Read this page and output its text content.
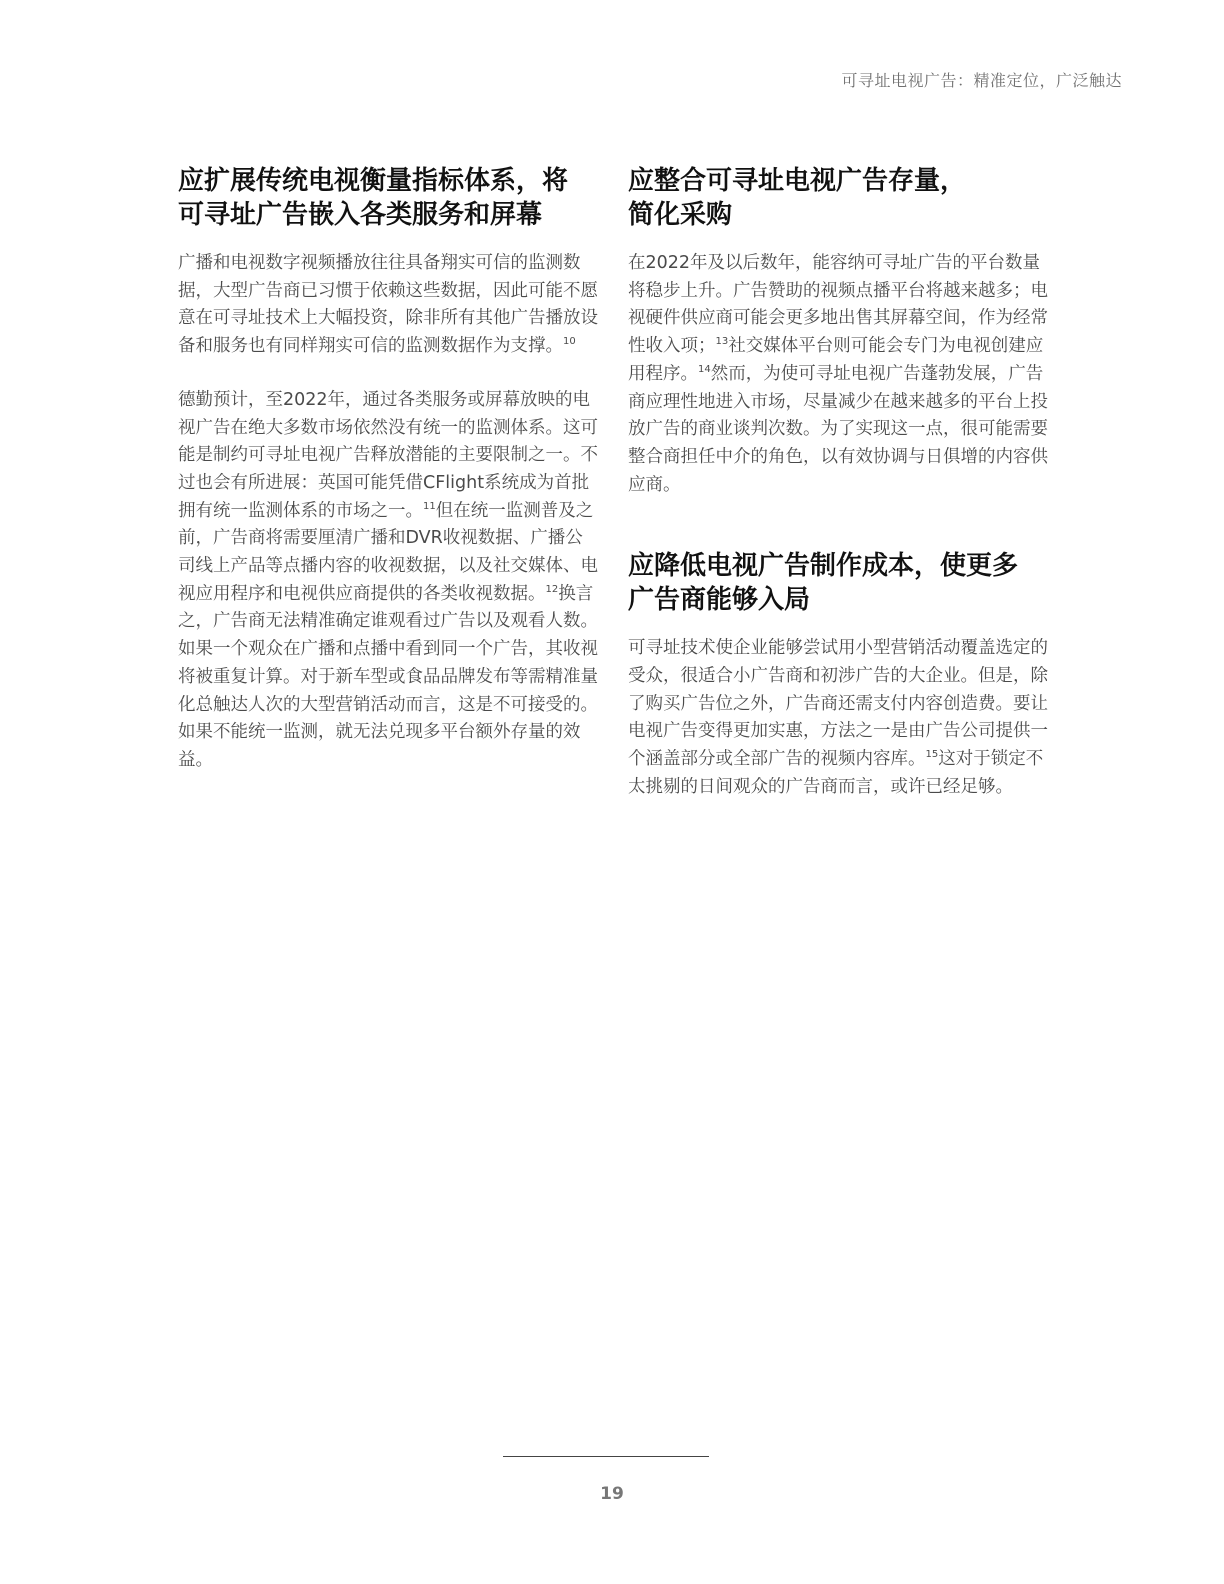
可寻址电视广告：精准定位，广泛触达
应扩展传统电视衡量指标体系，将
可寻址广告嵌入各类服务和屏幕

广播和电视数字视频播放往往具备翔实可信的监测数据，大型广告商已习惯于依赖这些数据，因此可能不愿意在可寻址技术上大幅投资，除非所有其他广告播放设备和服务也有同样翔实可信的监测数据作为支撑。$^{10}$

德勤预计，至2022年，通过各类服务或屏幕放映的电视广告在绝大多数市场依然没有统一的监测体系。这可能是制约可寻址电视广告释放潜能的主要限制之一。不过也会有所进展：英国可能凭借CFlight系统成为首批拥有统一监测体系的市场之一。$^{11}$但在统一监测普及之前，广告商将需要厘清广播和DVR收视数据、广播公司线上产品等点播内容的收视数据，以及社交媒体、电视应用程序和电视供应商提供的各类收视数据。$^{12}$换言之，广告商无法精准确定谁观看过广告以及观看人数。如果一个观众在广播和点播中看到同一个广告，其收视将被重复计算。对于新车型或食品品牌发布等需精准量化总触达人次的大型营销活动而言，这是不可接受的。如果不能统一监测，就无法兑现多平台额外存量的效益。

应整合可寻址电视广告存量，
简化采购

在2022年及以后数年，能容纳可寻址广告的平台数量将稳步上升。广告赞助的视频点播平台将越来越多；电视硬件供应商可能会更多地出售其屏幕空间，作为经常性收入项；$^{13}$社交媒体平台则可能会专门为电视创建应用程序。$^{14}$然而，为使可寻址电视广告蓬勃发展，广告商应理性地进入市场，尽量减少在越来越多的平台上投放广告的商业谈判次数。为了实现这一点，很可能需要整合商担任中介的角色，以有效协调与日俱增的内容供应商。

应降低电视广告制作成本，使更多
广告商能够入局

可寻址技术使企业能够尝试用小型营销活动覆盖选定的受众，很适合小广告商和初涉广告的大企业。但是，除了购买广告位之外，广告商还需支付内容创造费。要让电视广告变得更加实惠，方法之一是由广告公司提供一个涵盖部分或全部广告的视频内容库。$^{15}$这对于锁定不太挑剔的日间观众的广告商而言，或许已经足够。

19
